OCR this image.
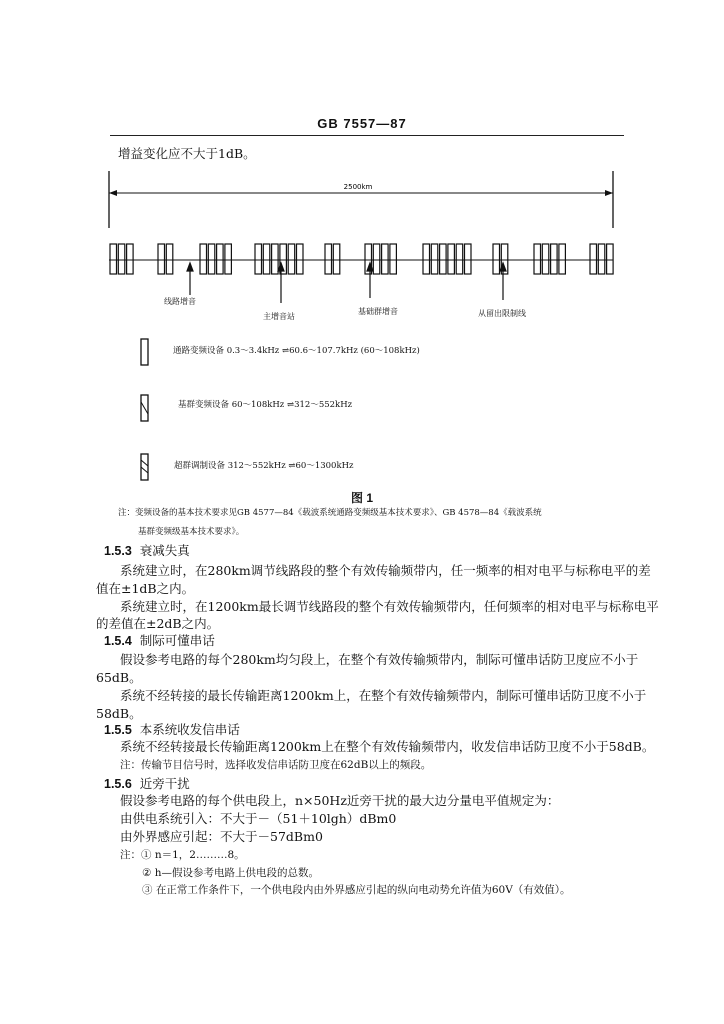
GB 7557—87
增益变化应不大于1dB。
2500km
线路增音
主增音站
基础群增音	从留出限制线
通路变频设备 0.3～3.4kHz ⇌60.6～107.7kHz (60～108kHz)
基群变频设备 60～108kHz ⇌312～552kHz
超群调制设备 312～552kHz ⇌60～1300kHz
图 1
注：变频设备的基本技术要求见GB 4577—84《载波系统通路变频级基本技术要求》、GB 4578—84《载波系统
基群变频级基本技术要求》。
1.5.3 衰减失真
系统建立时，在280km调节线路段的整个有效传输频带内，任一频率的相对电平与标称电平的差
值在±1dB之内。
系统建立时，在1200km最长调节线路段的整个有效传输频带内，任何频率的相对电平与标称电平
的差值在±2dB之内。
1.5.4 制际可懂串话
假设参考电路的每个280km均匀段上，在整个有效传输频带内，制际可懂串话防卫度应不小于
65dB。
系统不经转接的最长传输距离1200km上，在整个有效传输频带内，制际可懂串话防卫度不小于
58dB。
1.5.5 本系统收发信串话
系统不经转接最长传输距离1200km上在整个有效传输频带内，收发信串话防卫度不小于58dB。
注：传输节目信号时，选择收发信串话防卫度在62dB以上的频段。
1.5.6 近旁干扰
假设参考电路的每个供电段上，n×50Hz近旁干扰的最大边分量电平值规定为：
由供电系统引入：不大于－（51＋10lgh）dBm0
由外界感应引起：不大于－57dBm0
注：① n＝1，2………8。
② h—假设参考电路上供电段的总数。
③ 在正常工作条件下，一个供电段内由外界感应引起的纵向电动势允许值为60V（有效值）。
